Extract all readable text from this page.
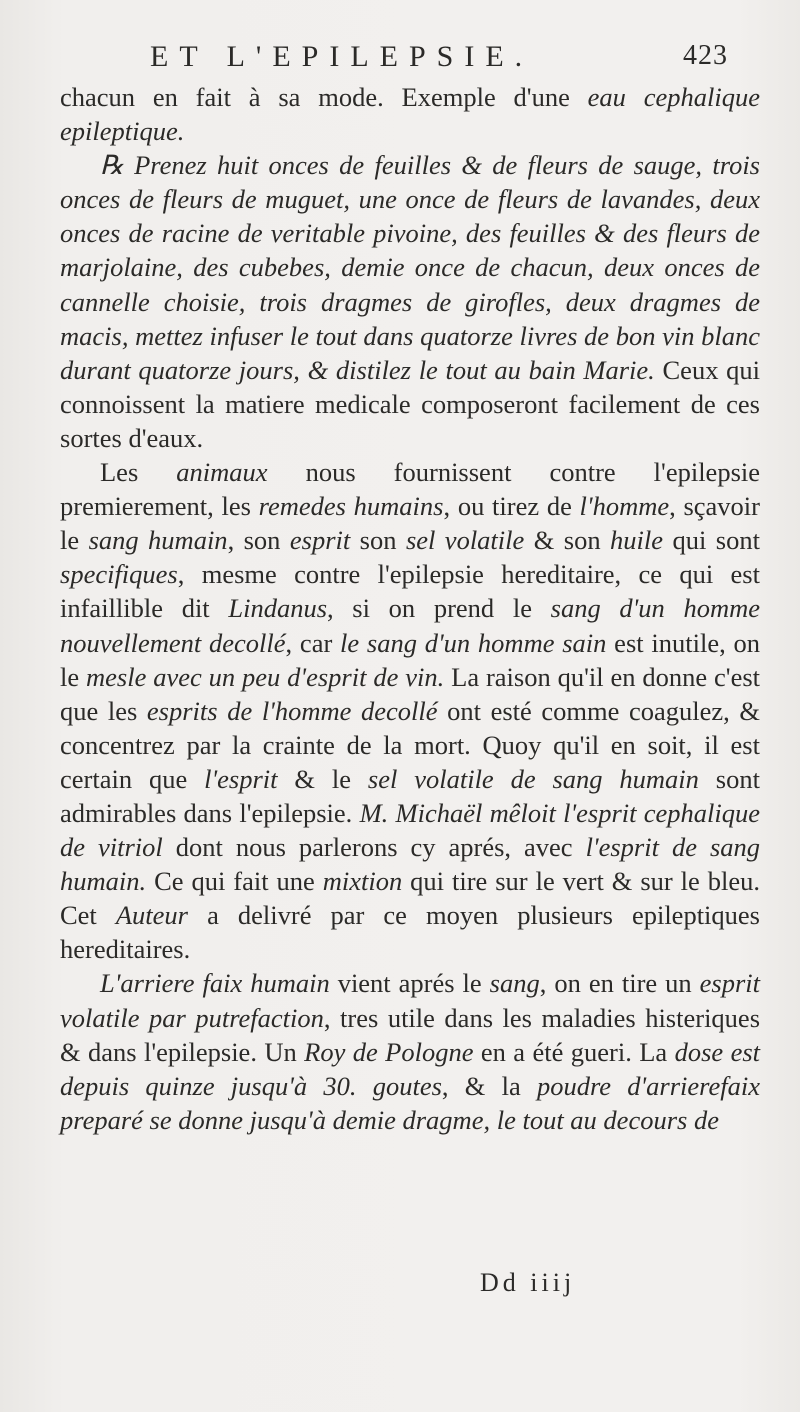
ET L'EPILEPSIE.	423

chacun en fait à sa mode. Exemple d'une eau cephalique epileptique.

℞ Prenez huit onces de feuilles & de fleurs de sauge, trois onces de fleurs de muguet, une once de fleurs de lavandes, deux onces de racine de veritable pivoine, des feuilles & des fleurs de marjolaine, des cubebes, demie once de chacun, deux onces de cannelle choisie, trois dragmes de girofles, deux dragmes de macis, mettez infuser le tout dans quatorze livres de bon vin blanc durant quatorze jours, & distilez le tout au bain Marie. Ceux qui connoissent la matiere medicale composeront facilement de ces sortes d'eaux.

Les animaux nous fournissent contre l'epilepsie premierement, les remedes humains, ou tirez de l'homme, sçavoir le sang humain, son esprit son sel volatile & son huile qui sont specifiques, mesme contre l'epilepsie hereditaire, ce qui est infaillible dit Lindanus, si on prend le sang d'un homme nouvellement decollé, car le sang d'un homme sain est inutile, on le mesle avec un peu d'esprit de vin. La raison qu'il en donne c'est que les esprits de l'homme decollé ont esté comme coagulez, & concentrez par la crainte de la mort. Quoy qu'il en soit, il est certain que l'esprit & le sel volatile de sang humain sont admirables dans l'epilepsie. M. Michaël mêloit l'esprit cephalique de vitriol dont nous parlerons cy aprés, avec l'esprit de sang humain. Ce qui fait une mixtion qui tire sur le vert & sur le bleu. Cet Auteur a delivré par ce moyen plusieurs epileptiques hereditaires.

L'arriere faix humain vient aprés le sang, on en tire un esprit volatile par putrefaction, tres utile dans les maladies histeriques & dans l'epilepsie. Un Roy de Pologne en a été gueri. La dose est depuis quinze jusqu'à 30. goutes, & la poudre d'arrierefaix preparé se donne jusqu'à demie dragme, le tout au decours de

Dd iiij
